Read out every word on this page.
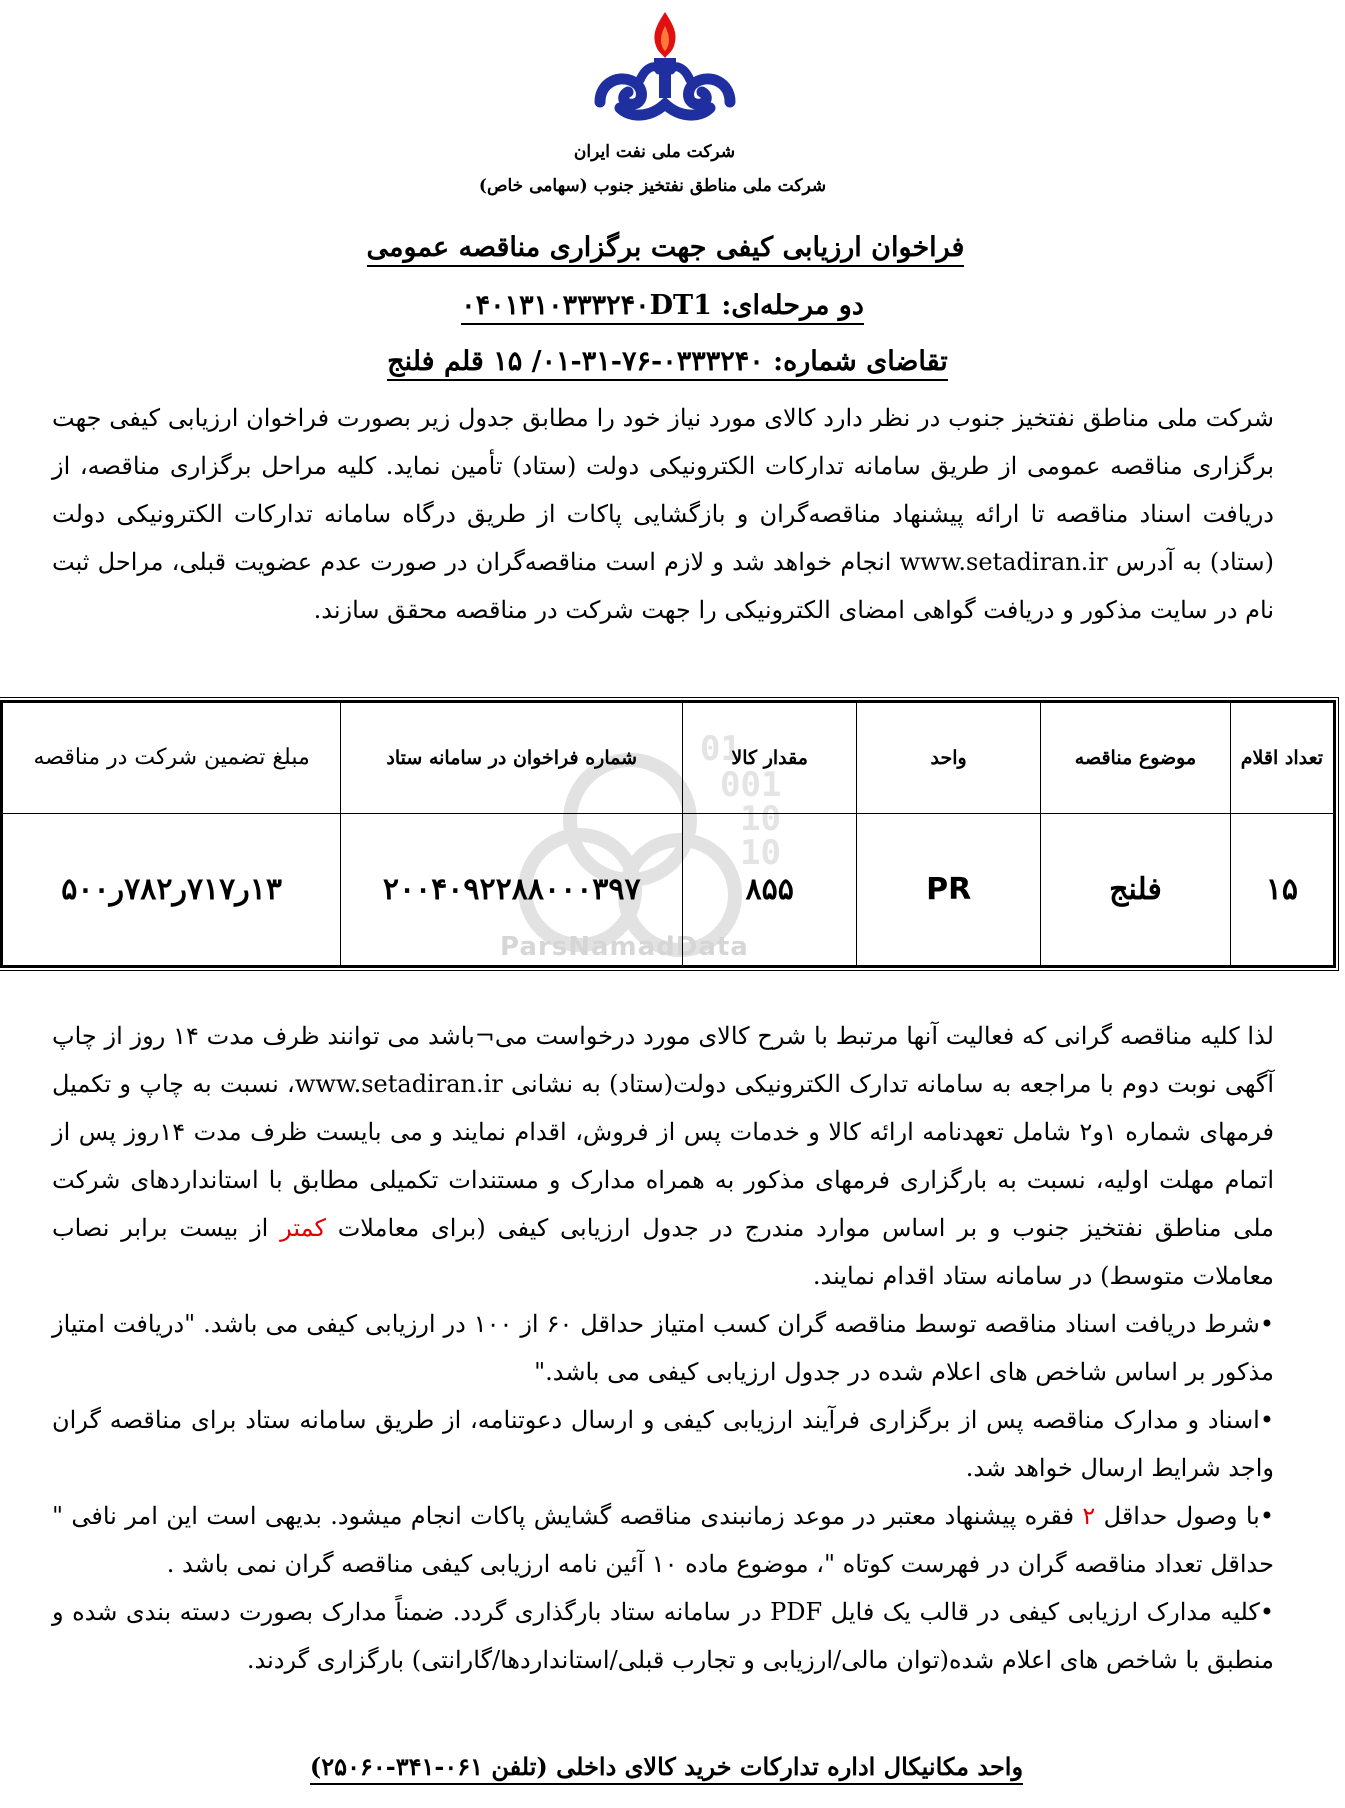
شرکت ملی نفت ایران
شرکت ملی مناطق نفتخیز جنوب (سهامی خاص)
فراخوان ارزیابی کیفی جهت برگزاری مناقصه عمومی
دو مرحله‌ای: ۰۴۰۱۳۱۰۳۳۳۲۴۰DT1
تقاضای شماره: ۰۳۳۳۲۴۰-۷۶-۳۱-۰۱/ ۱۵ قلم فلنج
شرکت ملی مناطق نفتخیز جنوب در نظر دارد کالای مورد نیاز خود را مطابق جدول زیر بصورت فراخوان ارزیابی کیفی جهت برگزاری مناقصه عمومی از طریق سامانه تدارکات الکترونیکی دولت (ستاد) تأمین نماید. کلیه مراحل برگزاری مناقصه، از دریافت اسناد مناقصه تا ارائه پیشنهاد مناقصه‌گران و بازگشایی پاکات از طریق درگاه سامانه تدارکات الکترونیکی دولت (ستاد) به آدرس www.setadiran.ir انجام خواهد شد و لازم است مناقصه‌گران در صورت عدم عضویت قبلی، مراحل ثبت نام در سایت مذکور و دریافت گواهی امضای الکترونیکی را جهت شرکت در مناقصه محقق سازند.
01
001
10
10
ParsNamadData
تعداد اقلام	موضوع مناقصه	واحد	مقدار کالا	شماره فراخوان در سامانه ستاد	مبلغ تضمین شرکت در مناقصه
۱۵	فلنج	PR	۸۵۵	۲۰۰۴۰۹۲۲۸۸۰۰۰۳۹۷	۱۳ر۷۱۷ر۷۸۲ر۵۰۰
لذا کلیه مناقصه گرانی که فعالیت آنها مرتبط با شرح کالای مورد درخواست می¬باشد می توانند ظرف مدت ۱۴ روز از چاپ آگهی نوبت دوم با مراجعه به سامانه تدارک الکترونیکی دولت(ستاد) به نشانی www.setadiran.ir، نسبت به چاپ و تکمیل فرمهای شماره ۱و۲ شامل تعهدنامه ارائه کالا و خدمات پس از فروش، اقدام نمایند و می بایست ظرف مدت ۱۴روز پس از اتمام مهلت اولیه، نسبت به بارگزاری فرمهای مذکور به همراه مدارک و مستندات تکمیلی مطابق با استانداردهای شرکت ملی مناطق نفتخیز جنوب و بر اساس موارد مندرج در جدول ارزیابی کیفی (برای معاملات کمتر از بیست برابر نصاب معاملات متوسط) در سامانه ستاد اقدام نمایند.
•شرط دریافت اسناد مناقصه توسط مناقصه گران کسب امتیاز حداقل ۶۰ از ۱۰۰ در ارزیابی کیفی می باشد. "دریافت امتیاز مذکور بر اساس شاخص های اعلام شده در جدول ارزیابی کیفی می باشد."
•اسناد و مدارک مناقصه پس از برگزاری فرآیند ارزیابی کیفی و ارسال دعوتنامه، از طریق سامانه ستاد برای مناقصه گران واجد شرایط ارسال خواهد شد.
•با وصول حداقل ۲ فقره پیشنهاد معتبر در موعد زمانبندی مناقصه گشایش پاکات انجام میشود. بدیهی است این امر نافی " حداقل تعداد مناقصه گران در فهرست کوتاه "، موضوع ماده ۱۰ آئین نامه ارزیابی کیفی مناقصه گران نمی باشد .
•کلیه مدارک ارزیابی کیفی در قالب یک فایل PDF در سامانه ستاد بارگذاری گردد. ضمناً مدارک بصورت دسته بندی شده و منطبق با شاخص های اعلام شده(توان مالی/ارزیابی و تجارب قبلی/استانداردها/گارانتی) بارگزاری گردند.
واحد مکانیکال اداره تدارکات خرید کالای داخلی (تلفن ۰۶۱-۳۴۱-۲۵۰۶۰)
